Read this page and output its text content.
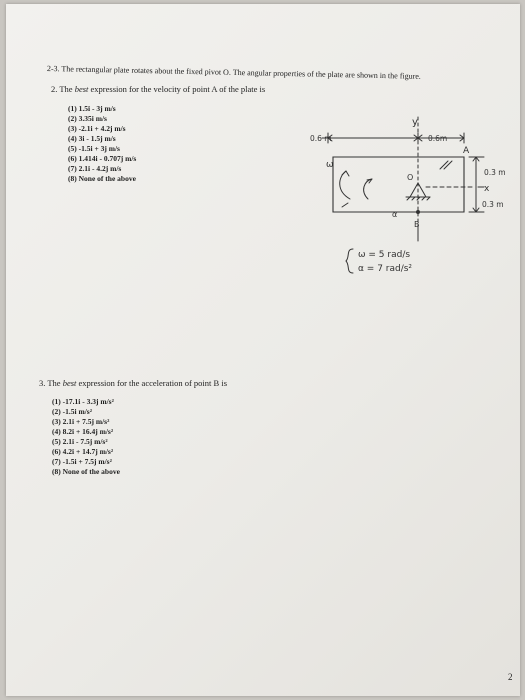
2-3. The rectangular plate rotates about the fixed pivot O. The angular properties of the plate are shown in the figure.
2. The best expression for the velocity of point A of the plate is
(1) 1.5i - 3j m/s
(2) 3.35i m/s
(3) -2.1i + 4.2j m/s
(4) 3i - 1.5j m/s
(5) -1.5i + 3j m/s
(6) 1.414i - 0.707j m/s
(7) 2.1i - 4.2j m/s
(8) None of the above
0.6 m	0.6m
y
A
ω
O
α
B
x
0.3 m
0.3 m
ω = 5 rad/s
α = 7 rad/s²
3. The best expression for the acceleration of point B is
(1) -17.1i - 3.3j m/s²
(2) -1.5i m/s²
(3) 2.1i + 7.5j m/s²
(4) 8.2i + 16.4j m/s²
(5) 2.1i - 7.5j m/s²
(6) 4.2i + 14.7j m/s²
(7) -1.5i + 7.5j m/s²
(8) None of the above
2
